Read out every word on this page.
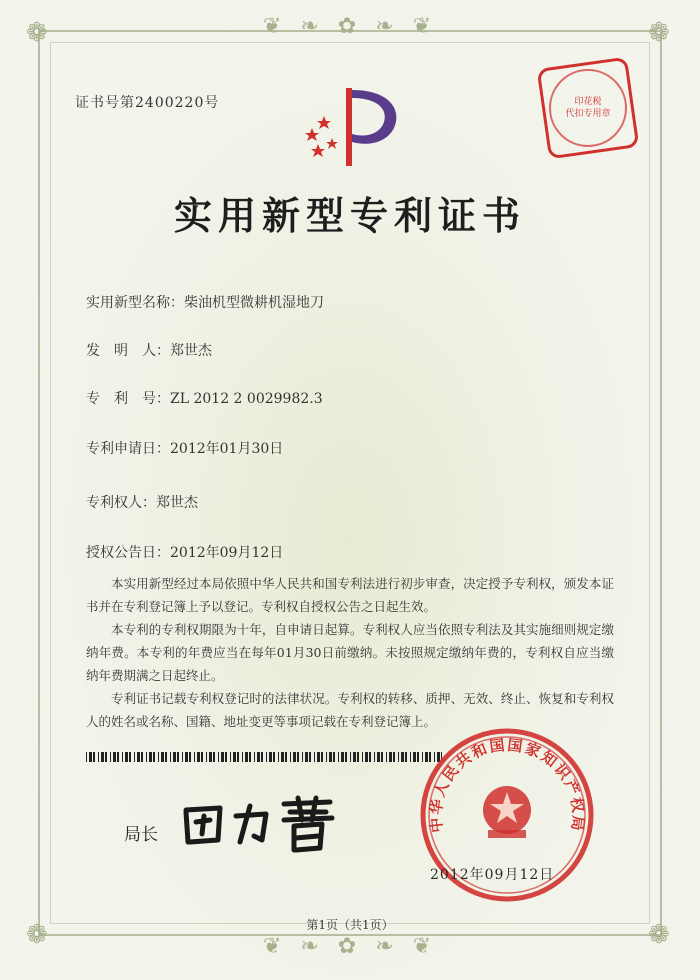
❦ ❧ ✿ ❧ ❦
❦ ❧ ✿ ❧ ❦
❁	❁
❁	❁
证书号第2400220号	印花税
代扣专用章
实用新型专利证书
实用新型名称：柴油机型微耕机湿地刀
发　明　人：郑世杰
专　利　号：ZL 2012 2 0029982.3
专利申请日：2012年01月30日
专利权人：郑世杰
授权公告日：2012年09月12日

本实用新型经过本局依照中华人民共和国专利法进行初步审查，决定授予专利权，颁发本证书并在专利登记簿上予以登记。专利权自授权公告之日起生效。

本专利的专利权期限为十年，自申请日起算。专利权人应当依照专利法及其实施细则规定缴纳年费。本专利的年费应当在每年01月30日前缴纳。未按照规定缴纳年费的，专利权自应当缴纳年费期满之日起终止。

专利证书记载专利权登记时的法律状况。专利权的转移、质押、无效、终止、恢复和专利权人的姓名或名称、国籍、地址变更等事项记载在专利登记簿上。

局长
中华人民共和国国家知识产权局
2012年09月12日
第1页（共1页）
